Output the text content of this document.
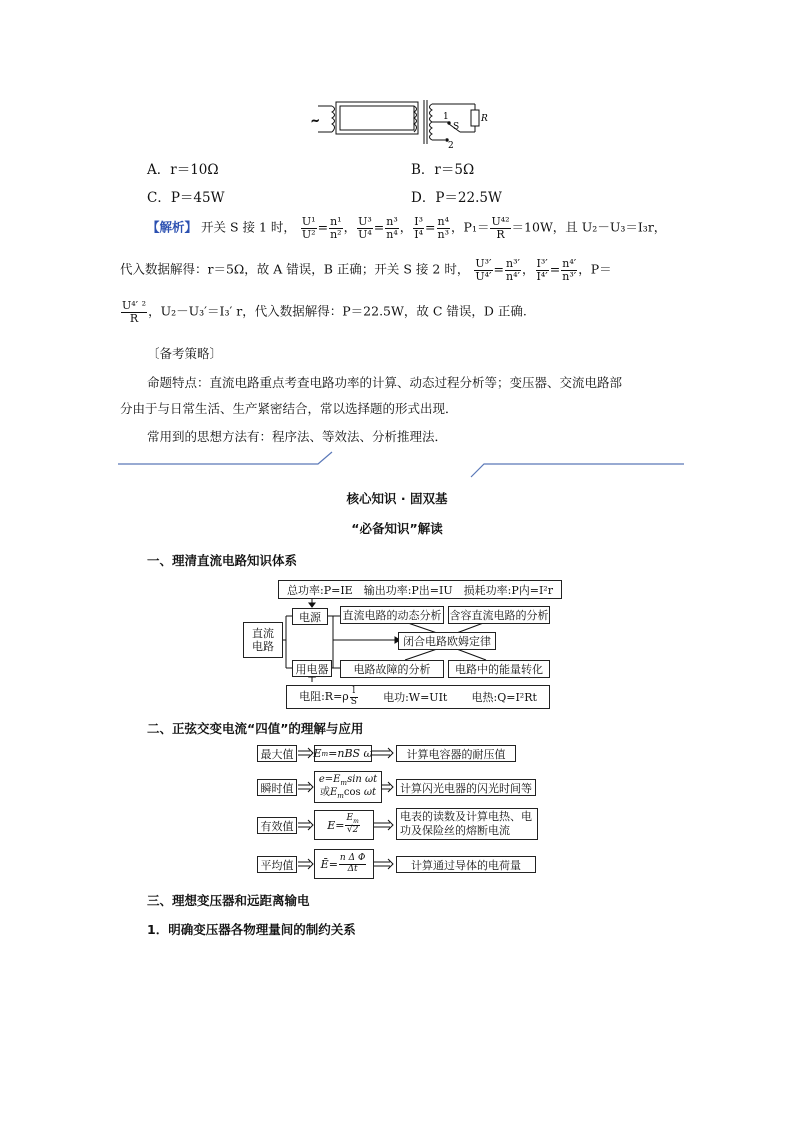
~	1
2
S
R
A．r＝10Ω	B．r＝5Ω
C．P＝45W	D．P＝22.5W
【解析】 开关 S 接 1 时， $\frac{\text{U¹}}{\text{U²}} = \frac{\text{n¹}}{\text{n²}}$ ， $\frac{\text{U³}}{\text{U⁴}} = \frac{\text{n³}}{\text{n⁴}}$ ， $\frac{\text{I³}}{\text{I⁴}} = \frac{\text{n⁴}}{\text{n³}}$ ，$P_1= \frac{\text{U⁴²}}{R} =10W$，且 U₂－U₃＝I₃r，
代入数据解得：r＝5Ω，故 A 错误，B 正确；开关 S 接 2 时， $\frac{\text{U³′}}{\text{U⁴′}} = \frac{\text{n³′}}{\text{n⁴′}}$ ， $\frac{\text{I³′}}{\text{I⁴′}} = \frac{\text{n⁴′}}{\text{n³′}}$ ，P＝
$\frac{\text{U⁴′ ²}}{R}$ ，U₂－U₃′＝I₃′ r，代入数据解得：P＝22.5W，故 C 错误，D 正确.
〔备考策略〕
命题特点：直流电路重点考查电路功率的计算、动态过程分析等；变压器、交流电路部
分由于与日常生活、生产紧密结合，常以选择题的形式出现．
常用到的思想方法有：程序法、等效法、分析推理法．
核心知识 · 固双基
“必备知识”解读
一、理清直流电路知识体系
总功率:P=IE　输出功率:P出=IU　损耗功率:P内=I²r
直流
电路
电源
用电器
直流电路的动态分析 含容直流电路的分析
闭合电路欧姆定律
电路故障的分析	电路中的能量转化
电阻:R=ρ $\frac{l}{S}$ 电功:W=UIt 电热:Q=I²Rt
二、正弦交变电流“四值”的理解与应用
最大值	E m =nBS ω	计算电容器的耐压值
瞬时值
$e=E_m\sin$ ωt
或$E_m\cos$ ωt	计算闪光电器的闪光时间等
有效值	$E= \frac{E_m}{√2}$	电表的读数及计算电热、电功及保险丝的熔断电流
平均值	Ē= $\frac{\text{n Δ Φ}}{\Delta t}$	计算通过导体的电荷量
三、理想变压器和远距离输电
1．明确变压器各物理量间的制约关系
